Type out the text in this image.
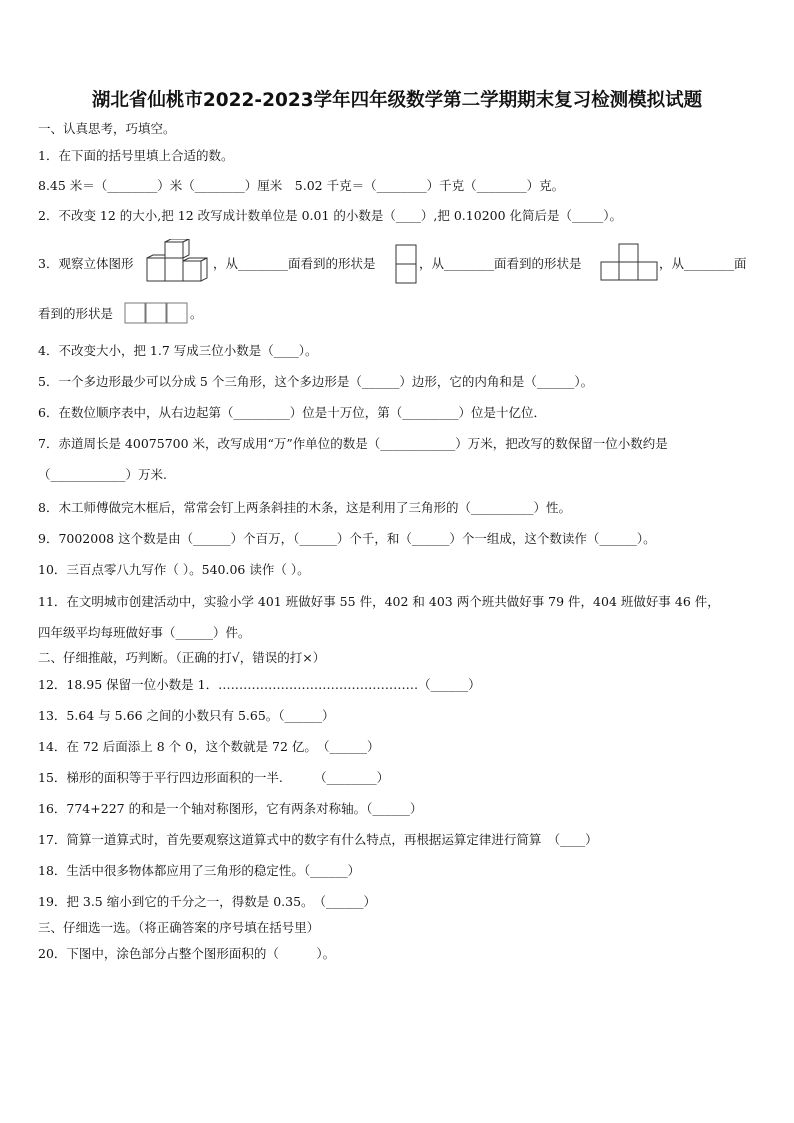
湖北省仙桃市2022-2023学年四年级数学第二学期期末复习检测模拟试题
一、认真思考，巧填空。
1．在下面的括号里填上合适的数。
8.45 米＝（________）米（________）厘米　5.02 千克＝（________）千克（________）克。
2．不改变 12 的大小,把 12 改写成计数单位是 0.01 的小数是（____）,把 0.10200 化简后是（_____）。
3．观察立体图形	，从________面看到的形状是	，从________面看到的形状是	，从________面
看到的形状是	。
4．不改变大小，把 1.7 写成三位小数是（____）。
5．一个多边形最少可以分成 5 个三角形，这个多边形是（______）边形，它的内角和是（______）。
6．在数位顺序表中，从右边起第（_________）位是十万位，第（_________）位是十亿位．
7．赤道周长是 40075700 米，改写成用“万”作单位的数是（____________）万米，把改写的数保留一位小数约是
（____________）万米.
8．木工师傅做完木框后，常常会钉上两条斜挂的木条，这是利用了三角形的（__________）性。
9．7002008 这个数是由（______）个百万，（______）个千，和（______）个一组成，这个数读作（______）。
10．三百点零八九写作（ ）。540.06 读作（ ）。
11．在文明城市创建活动中，实验小学 401 班做好事 55 件，402 和 403 两个班共做好事 79 件，404 班做好事 46 件，
四年级平均每班做好事（______）件。
二、仔细推敲，巧判断。（正确的打√，错误的打×）
12．18.95 保留一位小数是 1．…………………………………………（______）
13．5.64 与 5.66 之间的小数只有 5.65。（______）
14．在 72 后面添上 8 个 0，这个数就是 72 亿。　（______）
15．梯形的面积等于平行四边形面积的一半.　　　（________）
16．774+227 的和是一个轴对称图形，它有两条对称轴。（______）
17．简算一道算式时，首先要观察这道算式中的数字有什么特点，再根据运算定律进行简算　（____）
18．生活中很多物体都应用了三角形的稳定性。（______）
19．把 3.5 缩小到它的千分之一，得数是 0.35。　（______）
三、仔细选一选。（将正确答案的序号填在括号里）
20．下图中，涂色部分占整个图形面积的（　　　）。
